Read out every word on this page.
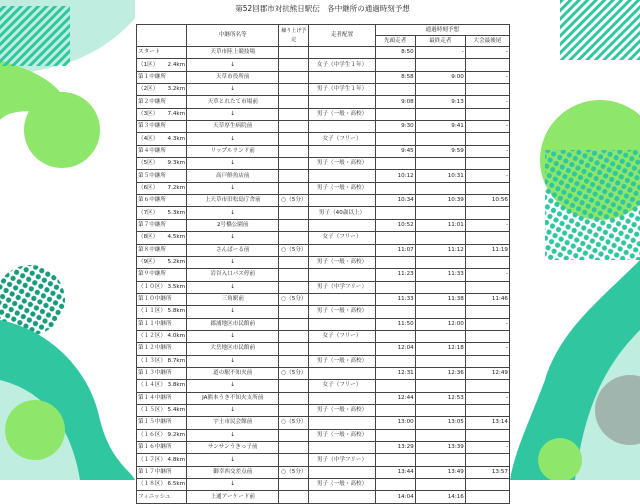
第52回郡市対抗熊日駅伝　各中継所の通過時刻予想
	中継所名等	繰り上げ予定	走者配置	通過時刻予想		
				先頭走者	最終走者	大会最後尾
スタート	天草市陸上競技場			8:50	-	-
（1区） 2.4km	↓		女子（中学生１年）			
第１中継所	天草市役所前			8:58	9:00	-
（2区） 3.2km	↓		男子（中学生１年）			
第２中継所	天草とれたて市場前			9:08	9:13	-
（3区） 7.4km	↓		男子（一般・高校）			
第３中継所	天草厚生病院前			9:30	9:41	-
（4区） 4.3km	↓		女子（フリー）			
第４中継所	リップルランド前			9:45	9:59	-
（5区） 9.3km	↓		男子（一般・高校）			
第５中継所	高戸鮮魚店前			10:12	10:31	-
（6区） 7.2km	↓		男子（一般・高校）			
第６中継所	上天草市旧松島庁舎前	○（5分）		10:34	10:39	10:56
（7区） 5.3km	↓		男子（40歳以上）			
第７中継所	2号橋公園前			10:52	11:01	-
（8区） 4.5km	↓		女子（フリー）			
第８中継所	さんぱーる前	○（5分）		11:07	11:12	11:19
（9区） 5.2km	↓		男子（一般・高校）			
第９中継所	岩谷入口バス停前			11:23	11:33	-
（１０区） 3.5km	↓		男子（中学フリー）			
第１０中継所	三角駅前	○（5分）		11:33	11:38	11:46
（１１区） 5.8km	↓		男子（一般・高校）			
第１１中継所	郡浦地区市民館前			11:50	12:00	-
（１２区） 4.0km	↓		女子（フリー）			
第１２中継所	大岳地区市民館前			12:04	12:18	-
（１３区） 8.7km	↓		男子（一般・高校）			
第１３中継所	道の駅不知火前	○（5分）		12:31	12:36	12:49
（１４区） 3.8km	↓		女子（フリー）			
第１４中継所	JA熊本うき不知火支所前			12:44	12:53	-
（１５区） 5.4km	↓		男子（一般・高校）			
第１５中継所	宇土市民会館前	○（5分）		13:00	13:05	13:14
（１６区） 9.2km	↓		男子（一般・高校）			
第１６中継所	サンサンうきっ子前			13:29	13:39	-
（１７区） 4.8km	↓		男子（中学フリー）			
第１７中継所	御幸西交差点前	○（5分）		13:44	13:49	13:57
（１８区） 6.5km	↓		男子（一般・高校）			
フィニッシュ	上通アーケード前			14:04	14:16	
